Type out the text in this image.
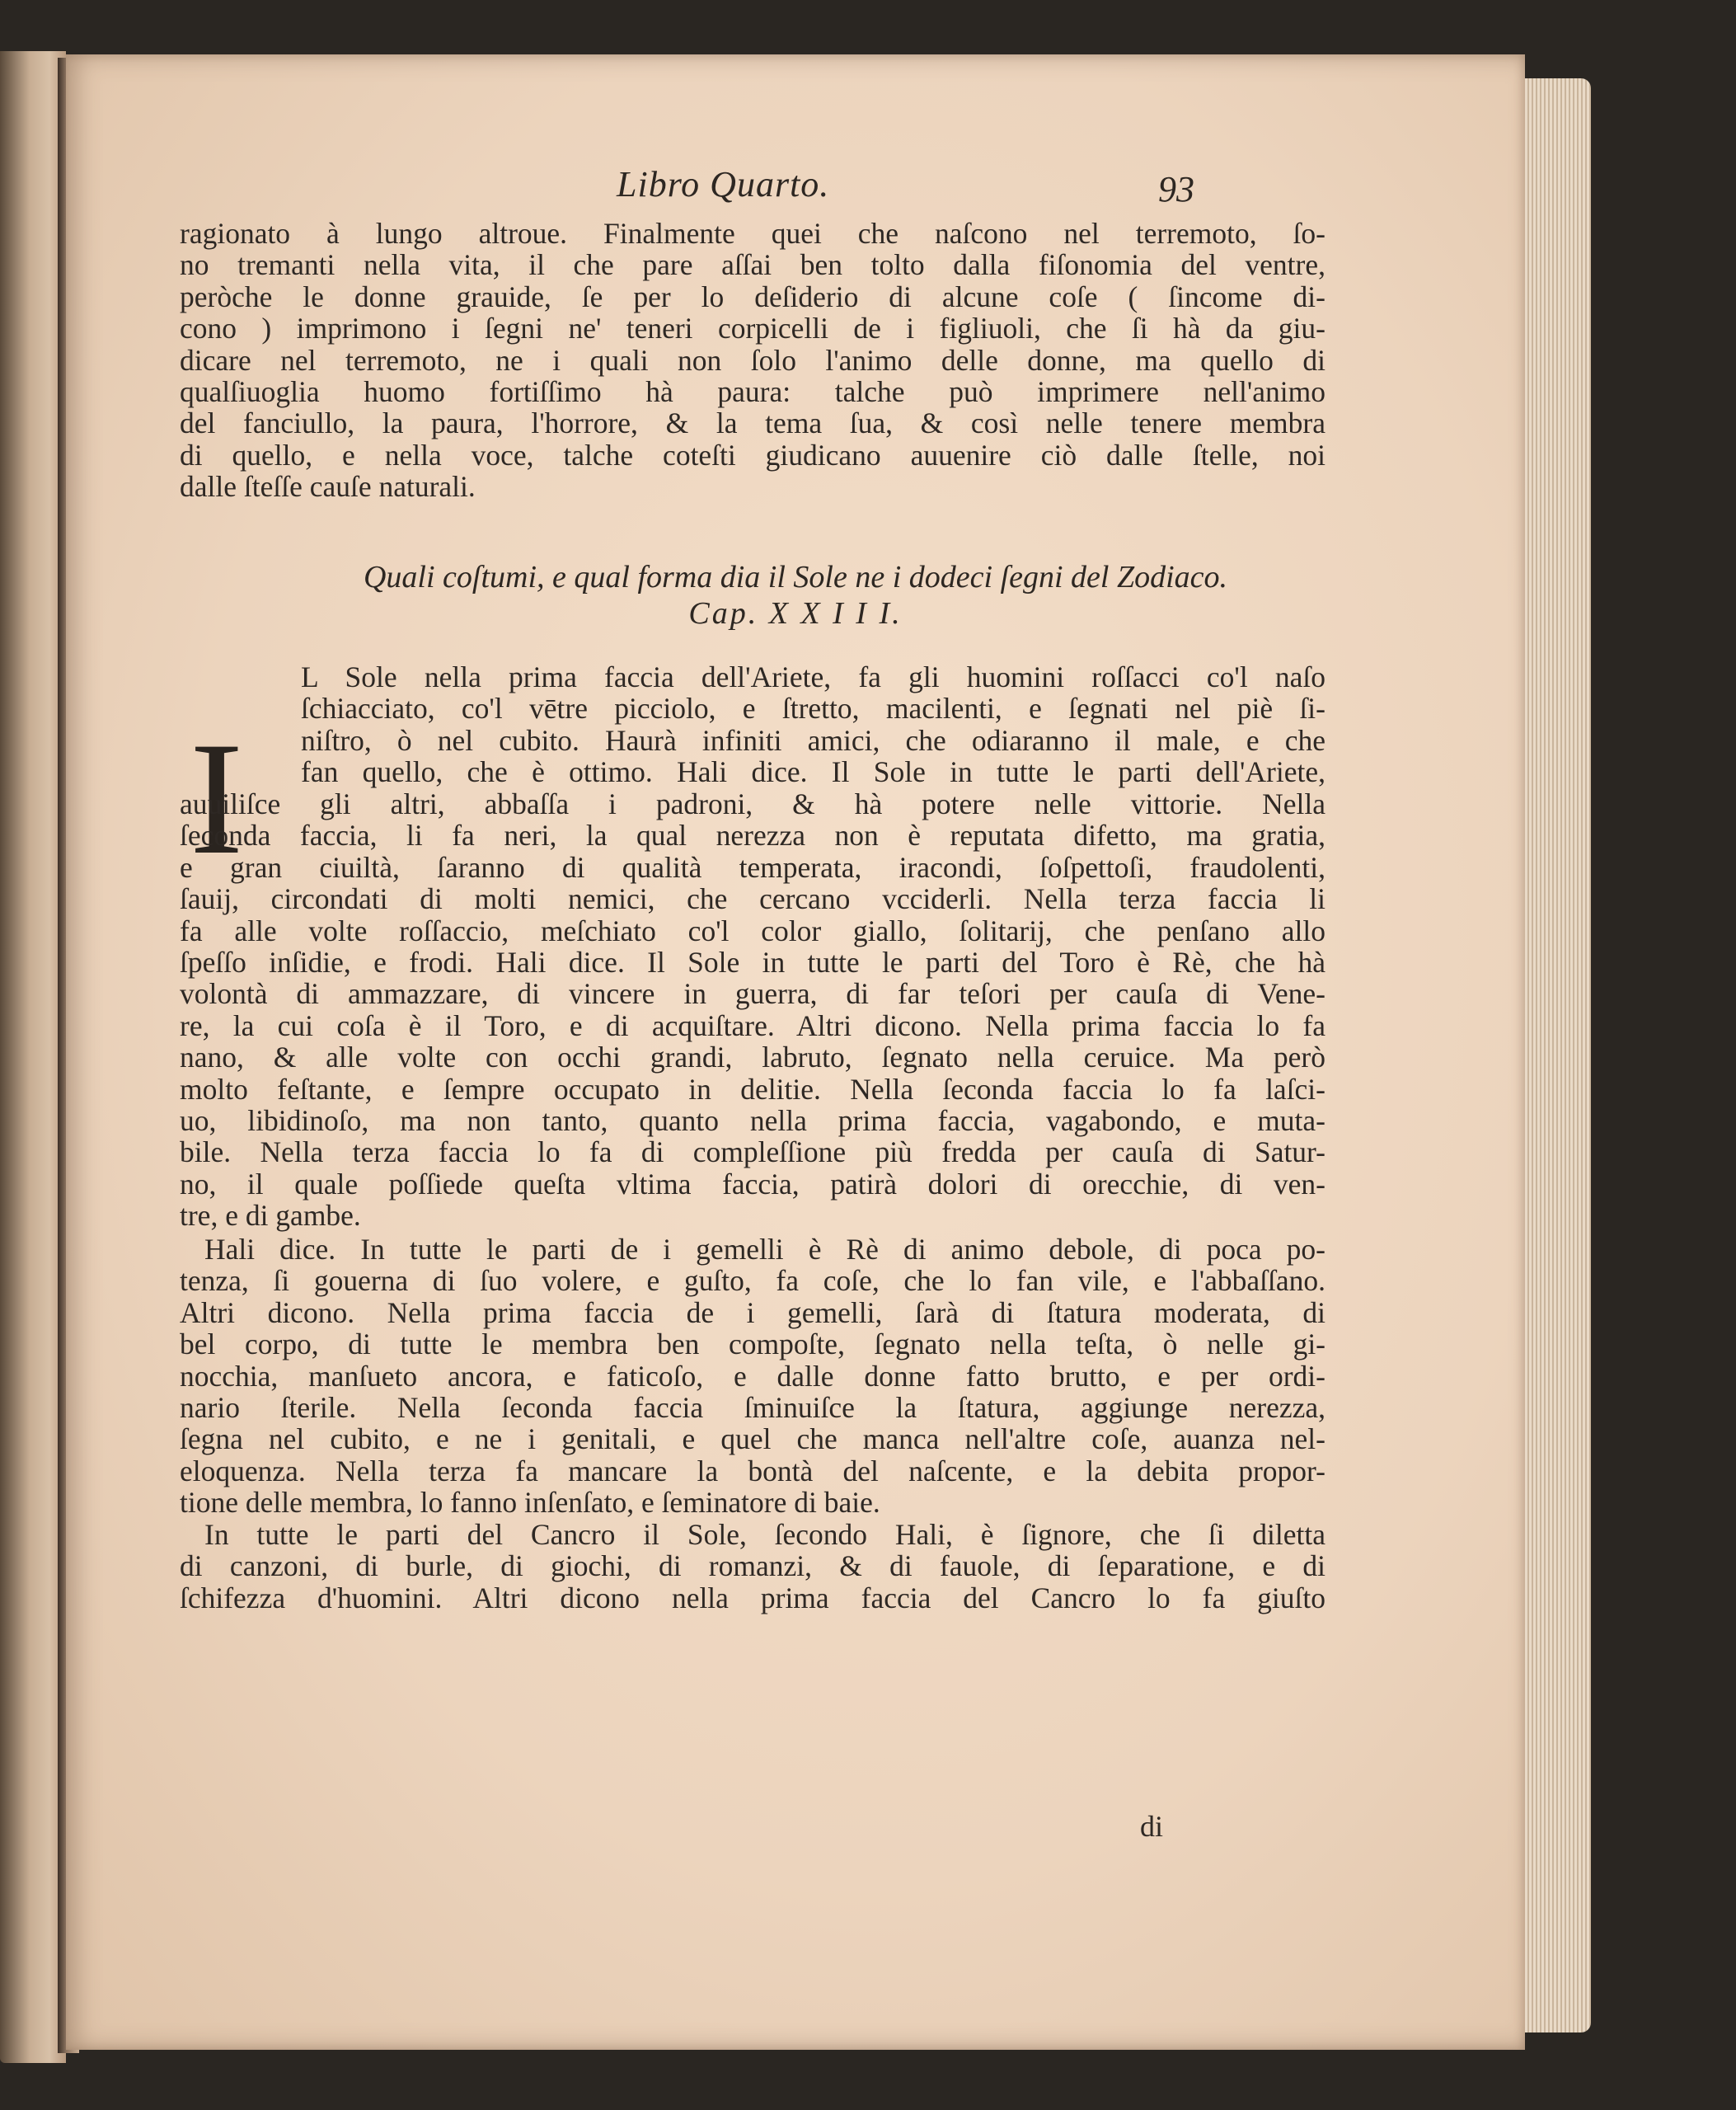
Libro Quarto.	93
ragionato à lungo altroue. Finalmente quei che naſcono nel terremoto, ſo-
no tremanti nella vita, il che pare aſſai ben tolto dalla fiſonomia del ventre,
peròche le donne grauide, ſe per lo deſiderio di alcune coſe ( ſincome di-
cono ) imprimono i ſegni ne' teneri corpicelli de i figliuoli, che ſi hà da giu-
dicare nel terremoto, ne i quali non ſolo l'animo delle donne, ma quello di
qualſiuoglia huomo fortiſſimo hà paura: talche può imprimere nell'animo
del fanciullo, la paura, l'horrore, & la tema ſua, & così nelle tenere membra
di quello, e nella voce, talche coteſti giudicano auuenire ciò dalle ſtelle, noi
dalle ſteſſe cauſe naturali.
Quali coſtumi, e qual forma dia il Sole ne i dodeci ſegni del Zodiaco.
Cap. X X I I I.
I
L Sole nella prima faccia dell'Ariete, fa gli huomini roſſacci co'l naſo
ſchiacciato, co'l vētre picciolo, e ſtretto, macilenti, e ſegnati nel piè ſi-
niſtro, ò nel cubito. Haurà infiniti amici, che odiaranno il male, e che
fan quello, che è ottimo. Hali dice. Il Sole in tutte le parti dell'Ariete,
auuiliſce gli altri, abbaſſa i padroni, & hà potere nelle vittorie. Nella
ſeconda faccia, li fa neri, la qual nerezza non è reputata difetto, ma gratia,
e gran ciuiltà, ſaranno di qualità temperata, iracondi, ſoſpettoſi, fraudolenti,
ſauij, circondati di molti nemici, che cercano vcciderli. Nella terza faccia li
fa alle volte roſſaccio, meſchiato co'l color giallo, ſolitarij, che penſano allo
ſpeſſo inſidie, e frodi. Hali dice. Il Sole in tutte le parti del Toro è Rè, che hà
volontà di ammazzare, di vincere in guerra, di far teſori per cauſa di Vene-
re, la cui coſa è il Toro, e di acquiſtare. Altri dicono. Nella prima faccia lo fa
nano, & alle volte con occhi grandi, labruto, ſegnato nella ceruice. Ma però
molto feſtante, e ſempre occupato in delitie. Nella ſeconda faccia lo fa laſci-
uo, libidinoſo, ma non tanto, quanto nella prima faccia, vagabondo, e muta-
bile. Nella terza faccia lo fa di compleſſione più fredda per cauſa di Satur-
no, il quale poſſiede queſta vltima faccia, patirà dolori di orecchie, di ven-
tre, e di gambe.
Hali dice. In tutte le parti de i gemelli è Rè di animo debole, di poca po-
tenza, ſi gouerna di ſuo volere, e guſto, fa coſe, che lo fan vile, e l'abbaſſano.
Altri dicono. Nella prima faccia de i gemelli, ſarà di ſtatura moderata, di
bel corpo, di tutte le membra ben compoſte, ſegnato nella teſta, ò nelle gi-
nocchia, manſueto ancora, e faticoſo, e dalle donne fatto brutto, e per ordi-
nario ſterile. Nella ſeconda faccia ſminuiſce la ſtatura, aggiunge nerezza,
ſegna nel cubito, e ne i genitali, e quel che manca nell'altre coſe, auanza nel-
eloquenza. Nella terza fa mancare la bontà del naſcente, e la debita propor-
tione delle membra, lo fanno inſenſato, e ſeminatore di baie.
In tutte le parti del Cancro il Sole, ſecondo Hali, è ſignore, che ſi diletta
di canzoni, di burle, di giochi, di romanzi, & di fauole, di ſeparatione, e di
ſchifezza d'huomini. Altri dicono nella prima faccia del Cancro lo fa giuſto
di
